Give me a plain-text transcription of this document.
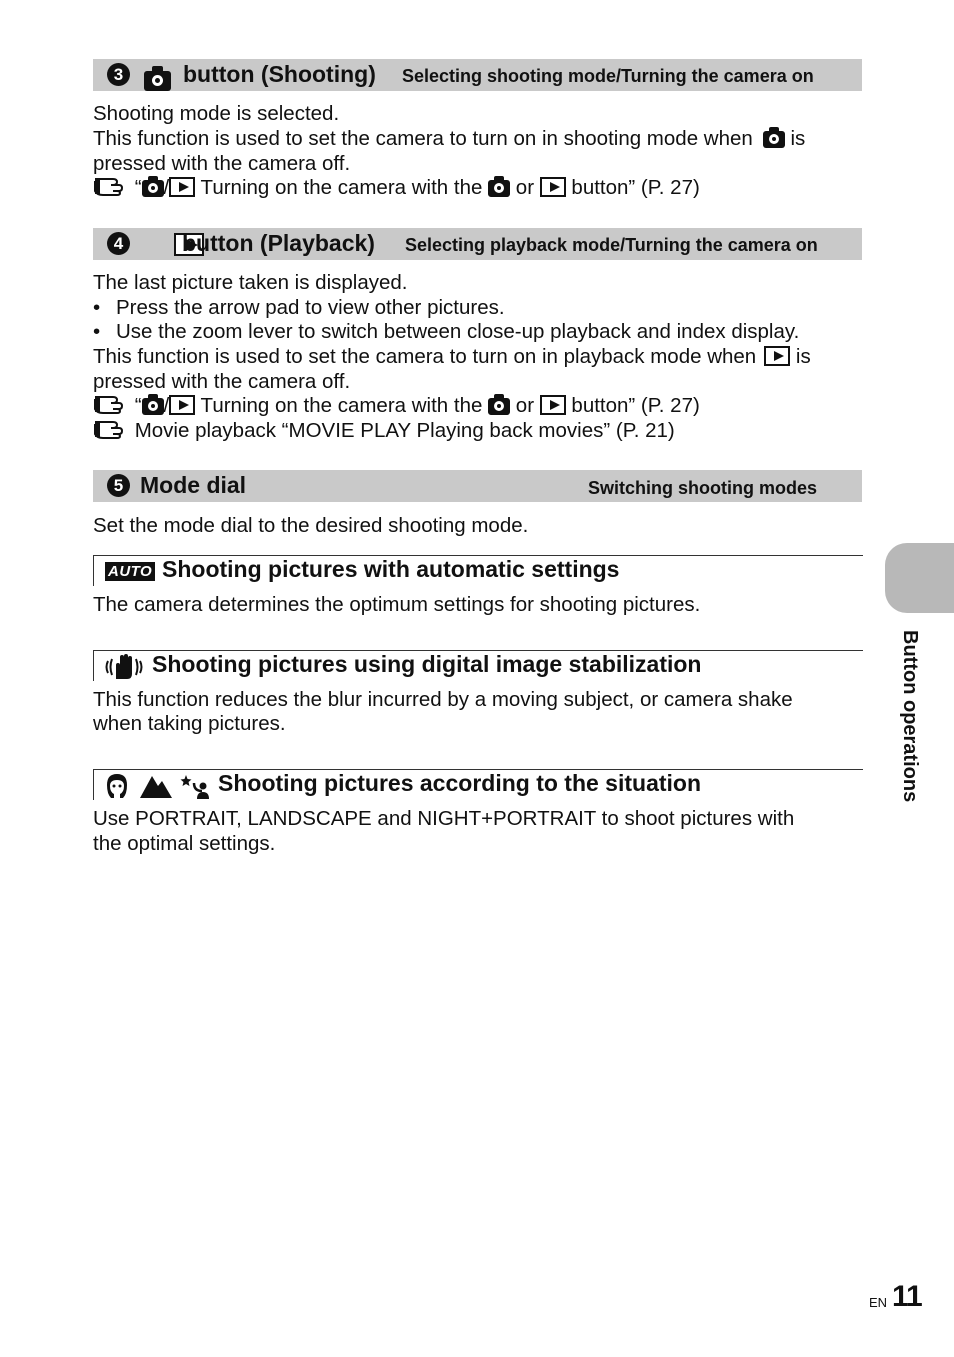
3
	button (Shooting) Selecting shooting mode/Turning the camera on
Shooting mode is selected.
This function is used to set the camera to turn on in shooting mode when is
pressed with the camera off.
“ / Turning on the camera with the
or  button” (P. 27)
4	button (Playback) Selecting playback mode/Turning the camera on
The last picture taken is displayed.
• Press the arrow pad to view other pictures.
• Use the zoom lever to switch between close-up playback and index display.
This function is used to set the camera to turn on in playback mode when is
pressed with the camera off.
“ / Turning on the camera with the
or  button” (P. 27)
Movie playback “MOVIE PLAY Playing back movies” (P. 21)
5 Mode dial	Switching shooting modes
Set the mode dial to the desired shooting mode.
AUTO Shooting pictures with automatic settings
The camera determines the optimum settings for shooting pictures.
Shooting pictures using digital image stabilization
This function reduces the blur incurred by a moving subject, or camera shake
when taking pictures.
Shooting pictures according to the situation
Use PORTRAIT, LANDSCAPE and NIGHT+PORTRAIT to shoot pictures with
the optimal settings.
Button operations
EN 11
